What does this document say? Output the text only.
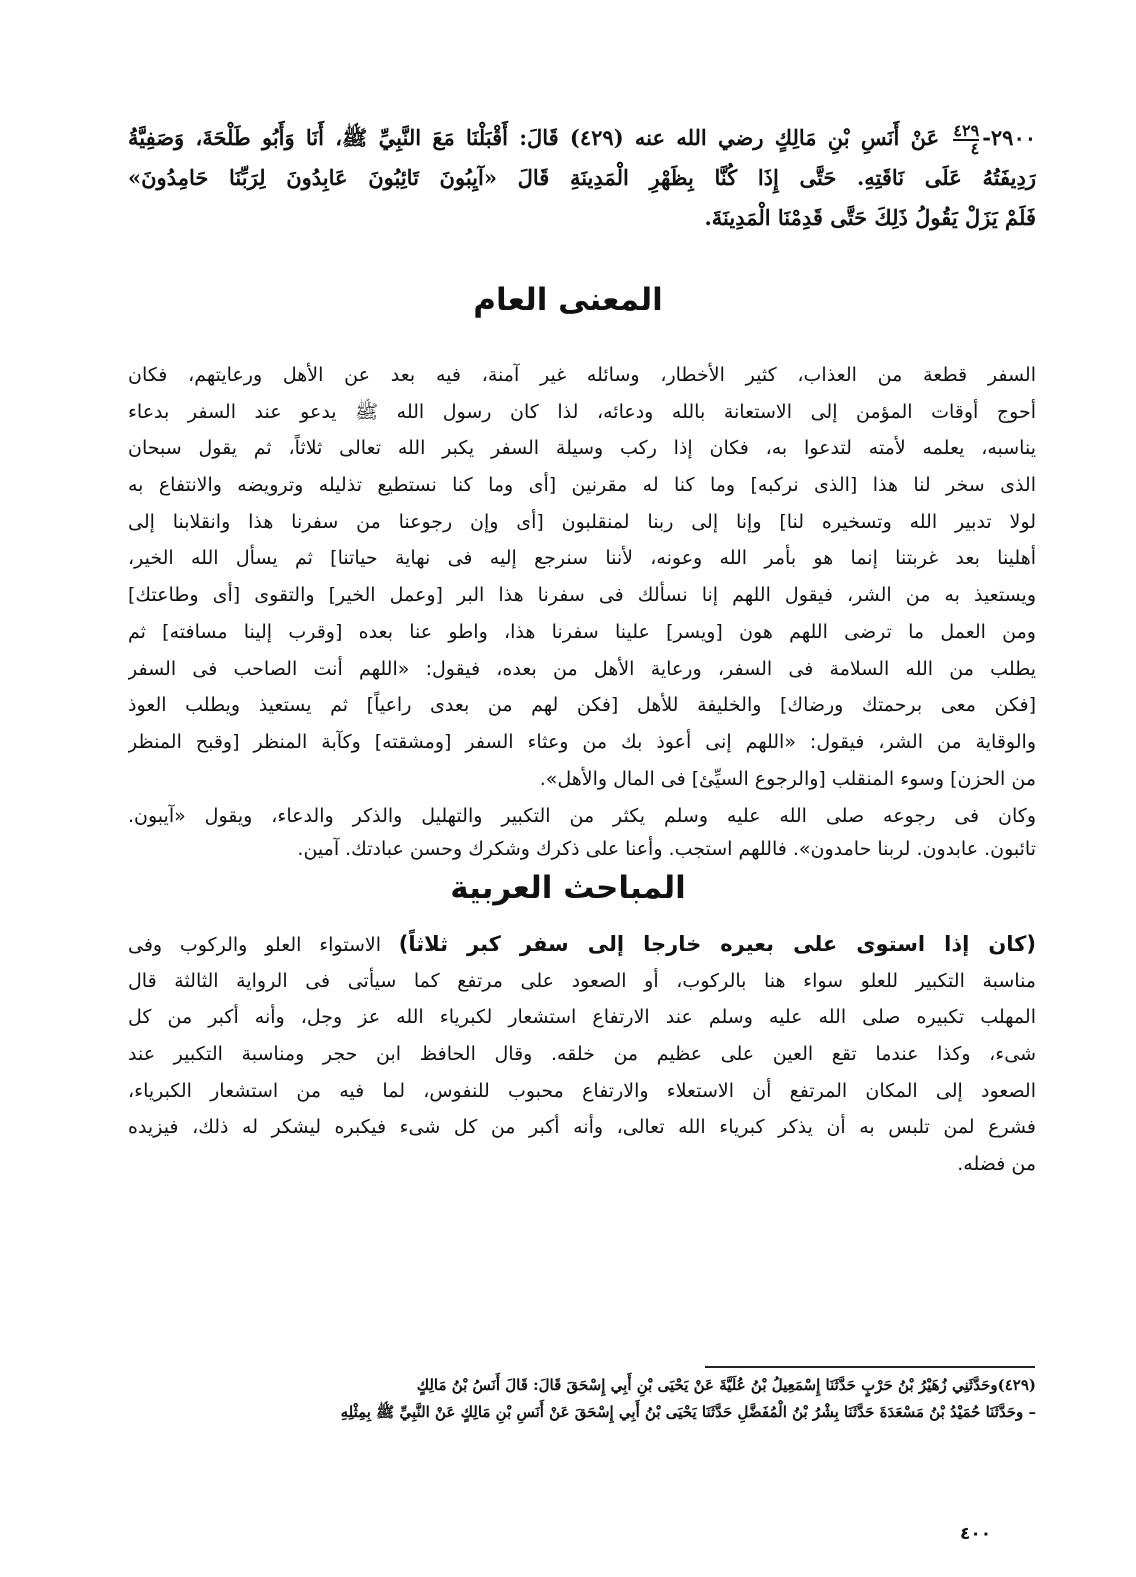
٢٩٠٠-
$\frac{٤٢٩}{٤}$
عَنْ أَنَسِ بْنِ مَالِكٍ رضي الله عنه (٤٢٩) قَالَ: أَقْبَلْنَا مَعَ النَّبِيِّ ﷺ، أَنَا وَأَبُو طَلْحَةَ، وَصَفِيَّةُ
رَدِيفَتُهُ عَلَى نَاقَتِهِ. حَتَّى إِذَا كُنَّا بِظَهْرِ الْمَدِينَةِ قَالَ «آيِبُونَ تَائِبُونَ عَابِدُونَ لِرَبِّنَا حَامِدُونَ»
فَلَمْ يَزَلْ يَقُولُ ذَلِكَ حَتَّى قَدِمْنَا الْمَدِينَةَ.
المعنى العام
السفر قطعة من العذاب، كثير الأخطار، وسائله غير آمنة، فيه بعد عن الأهل ورعايتهم، فكان
أحوج أوقات المؤمن إلى الاستعانة بالله ودعائه، لذا كان رسول الله ﷺ يدعو عند السفر بدعاء
يناسبه، يعلمه لأمته لتدعوا به، فكان إذا ركب وسيلة السفر يكبر الله تعالى ثلاثاً، ثم يقول سبحان
الذى سخر لنا هذا [الذى نركبه] وما كنا له مقرنين [أى وما كنا نستطيع تذليله وترويضه والانتفاع به
لولا تدبير الله وتسخيره لنا] وإنا إلى ربنا لمنقلبون [أى وإن رجوعنا من سفرنا هذا وانقلابنا إلى
أهلينا بعد غربتنا إنما هو بأمر الله وعونه، لأننا سنرجع إليه فى نهاية حياتنا] ثم يسأل الله الخير،
ويستعيذ به من الشر، فيقول اللهم إنا نسألك فى سفرنا هذا البر [وعمل الخير] والتقوى [أى وطاعتك]
ومن العمل ما ترضى اللهم هون [ويسر] علينا سفرنا هذا، واطو عنا بعده [وقرب إلينا مسافته] ثم
يطلب من الله السلامة فى السفر، ورعاية الأهل من بعده، فيقول: «اللهم أنت الصاحب فى السفر
[فكن معى برحمتك ورضاك] والخليفة للأهل [فكن لهم من بعدى راعياً] ثم يستعيذ ويطلب العوذ
والوقاية من الشر، فيقول: «اللهم إنى أعوذ بك من وعثاء السفر [ومشقته] وكآبة المنظر [وقبح المنظر
من الحزن] وسوء المنقلب [والرجوع السيِّئ] فى المال والأهل».
وكان فى رجوعه صلى الله عليه وسلم يكثر من التكبير والتهليل والذكر والدعاء، ويقول «آيبون.
تائبون. عابدون. لربنا حامدون». فاللهم استجب. وأعنا على ذكرك وشكرك وحسن عبادتك. آمين.
المباحث العربية
(كان إذا استوى على بعيره خارجا إلى سفر كبر ثلاثاً) الاستواء العلو والركوب وفى
مناسبة التكبير للعلو سواء هنا بالركوب، أو الصعود على مرتفع كما سيأتى فى الرواية الثالثة قال
المهلب تكبيره صلى الله عليه وسلم عند الارتفاع استشعار لكبرياء الله عز وجل، وأنه أكبر من كل
شىء، وكذا عندما تقع العين على عظيم من خلقه. وقال الحافظ ابن حجر ومناسبة التكبير عند
الصعود إلى المكان المرتفع أن الاستعلاء والارتفاع محبوب للنفوس، لما فيه من استشعار الكبرياء،
فشرع لمن تلبس به أن يذكر كبرياء الله تعالى، وأنه أكبر من كل شىء فيكبره ليشكر له ذلك، فيزيده
من فضله.
(٤٢٩)وحَدَّثَنِي زُهَيْرُ بْنُ حَرْبٍ حَدَّثَنَا إِسْمَعِيلُ بْنُ عُلَيَّةَ عَنْ يَحْيَى بْنِ أَبِي إِسْحَقَ قَالَ: قَالَ أَنَسُ بْنُ مَالِكٍ
– وحَدَّثَنَا حُمَيْدُ بْنُ مَسْعَدَةَ حَدَّثَنَا بِشْرُ بْنُ الْمُفَضَّلِ حَدَّثَنَا يَحْيَى بْنُ أَبِي إِسْحَقَ عَنْ أَنَسِ بْنِ مَالِكٍ عَنْ النَّبِيِّ ﷺ بِمِثْلِهِ
٤٠٠
